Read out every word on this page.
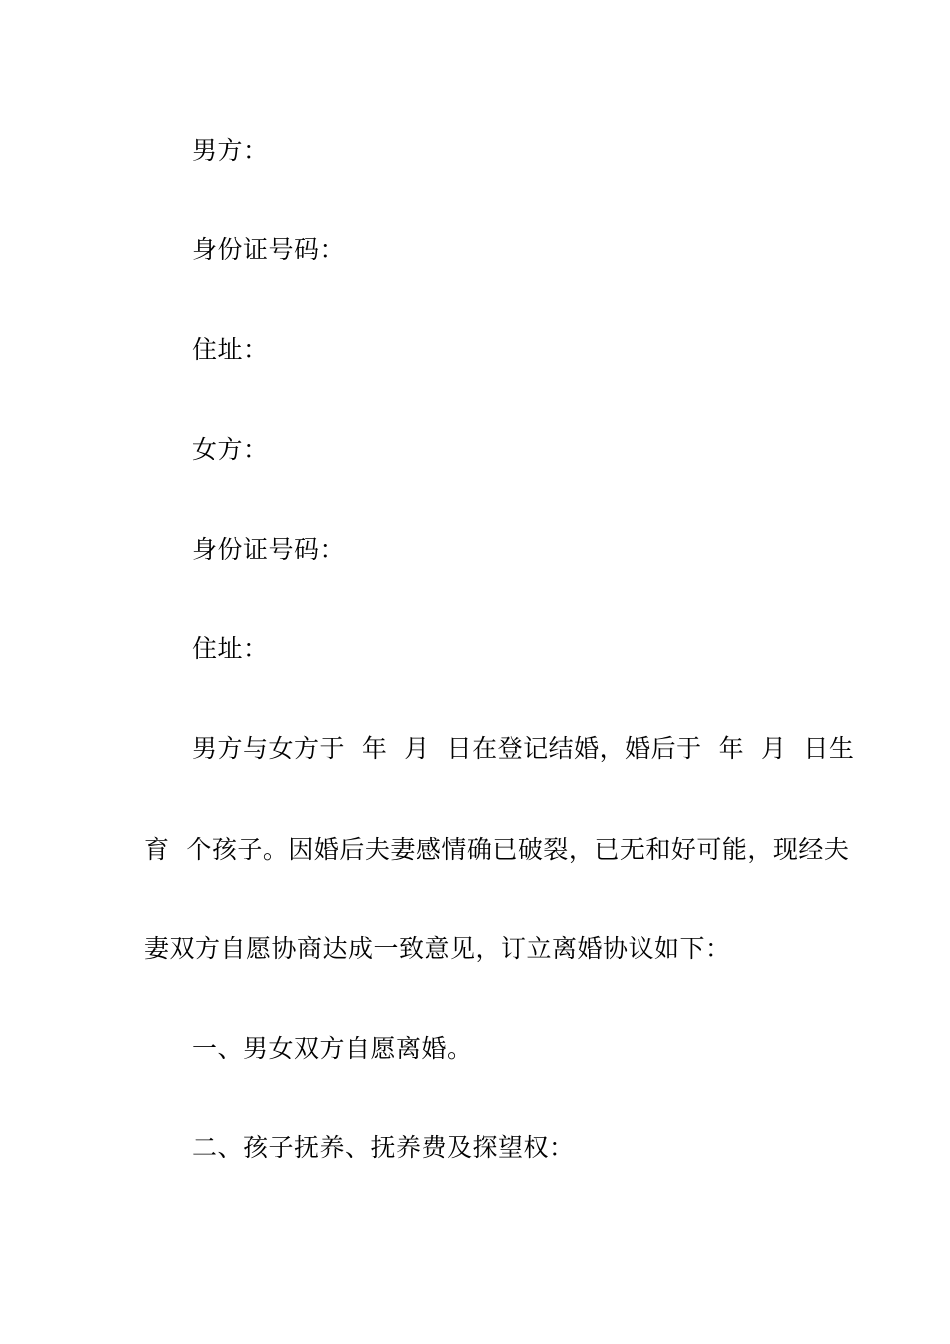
男方：
身份证号码：
住址：
女方：
身份证号码：
住址：
男方与女方于  年  月  日在登记结婚，婚后于  年  月  日生
育  个孩子。因婚后夫妻感情确已破裂，已无和好可能，现经夫
妻双方自愿协商达成一致意见，订立离婚协议如下：
一、男女双方自愿离婚。
二、孩子抚养、抚养费及探望权：
